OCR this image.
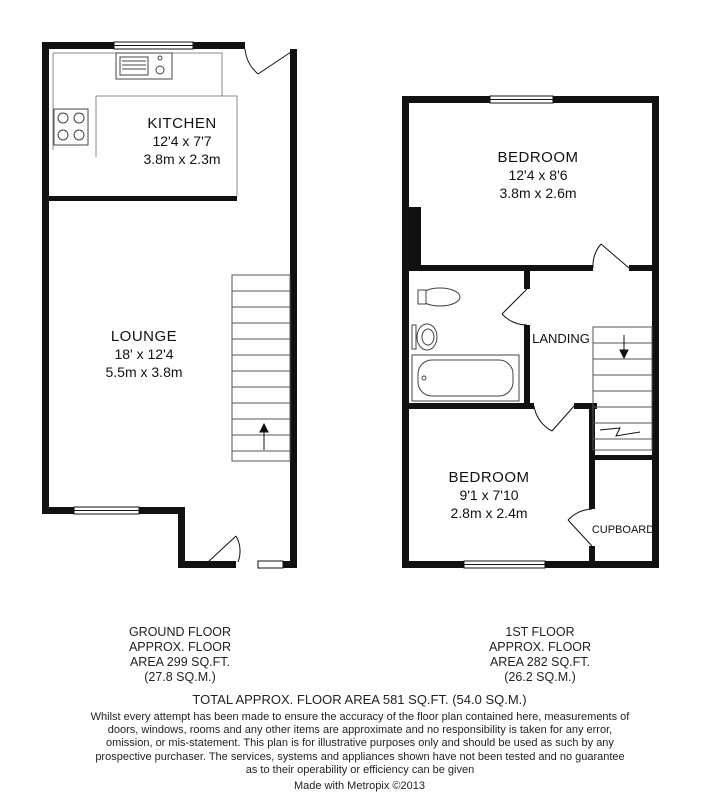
KITCHEN
12'4 x 7'7
3.8m x 2.3m
LOUNGE
18' x 12'4
5.5m x 3.8m
BEDROOM
12'4 x 8'6
3.8m x 2.6m
LANDING
BEDROOM
9'1 x 7'10
2.8m x 2.4m
CUPBOARD
GROUND FLOOR
APPROX. FLOOR
AREA 299 SQ.FT.
(27.8 SQ.M.)
1ST FLOOR
APPROX. FLOOR
AREA 282 SQ.FT.
(26.2 SQ.M.)
TOTAL APPROX. FLOOR AREA 581 SQ.FT. (54.0 SQ.M.)
Whilst every attempt has been made to ensure the accuracy of the floor plan contained here, measurements of doors, windows, rooms and any other items are approximate and no responsibility is taken for any error, omission, or mis-statement. This plan is for illustrative purposes only and should be used as such by any prospective purchaser. The services, systems and appliances shown have not been tested and no guarantee as to their operability or efficiency can be given
Made with Metropix ©2013
